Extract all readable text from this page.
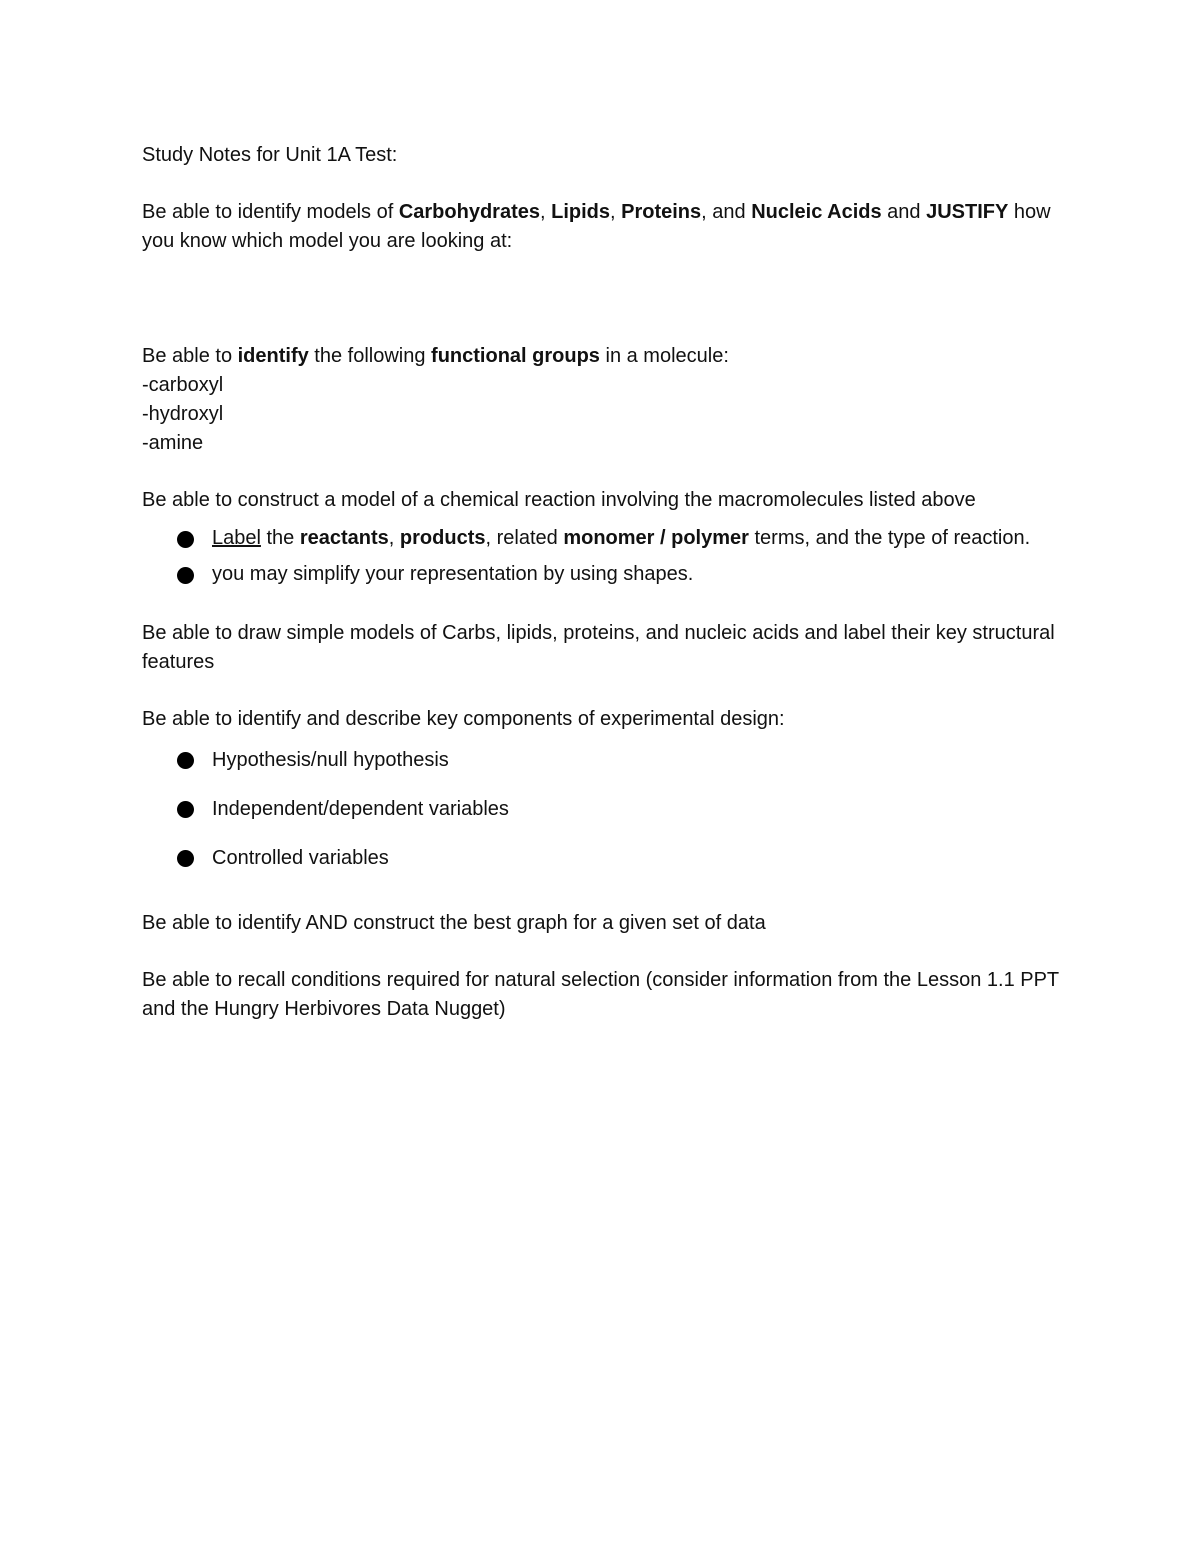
Study Notes for Unit 1A Test:

Be able to identify models of Carbohydrates, Lipids, Proteins, and Nucleic Acids and JUSTIFY how you know which model you are looking at:

Be able to identify the following functional groups in a molecule:

-carboxyl

-hydroxyl

-amine

Be able to construct a model of a chemical reaction involving the macromolecules listed above

Label the reactants, products, related monomer / polymer terms, and the type of reaction.
you may simplify your representation by using shapes.

Be able to draw simple models of Carbs, lipids, proteins, and nucleic acids and label their key structural features

Be able to identify and describe key components of experimental design:

Hypothesis/null hypothesis
Independent/dependent variables
Controlled variables

Be able to identify AND construct the best graph for a given set of data

Be able to recall conditions required for natural selection (consider information from the Lesson 1.1 PPT and the Hungry Herbivores Data Nugget)
